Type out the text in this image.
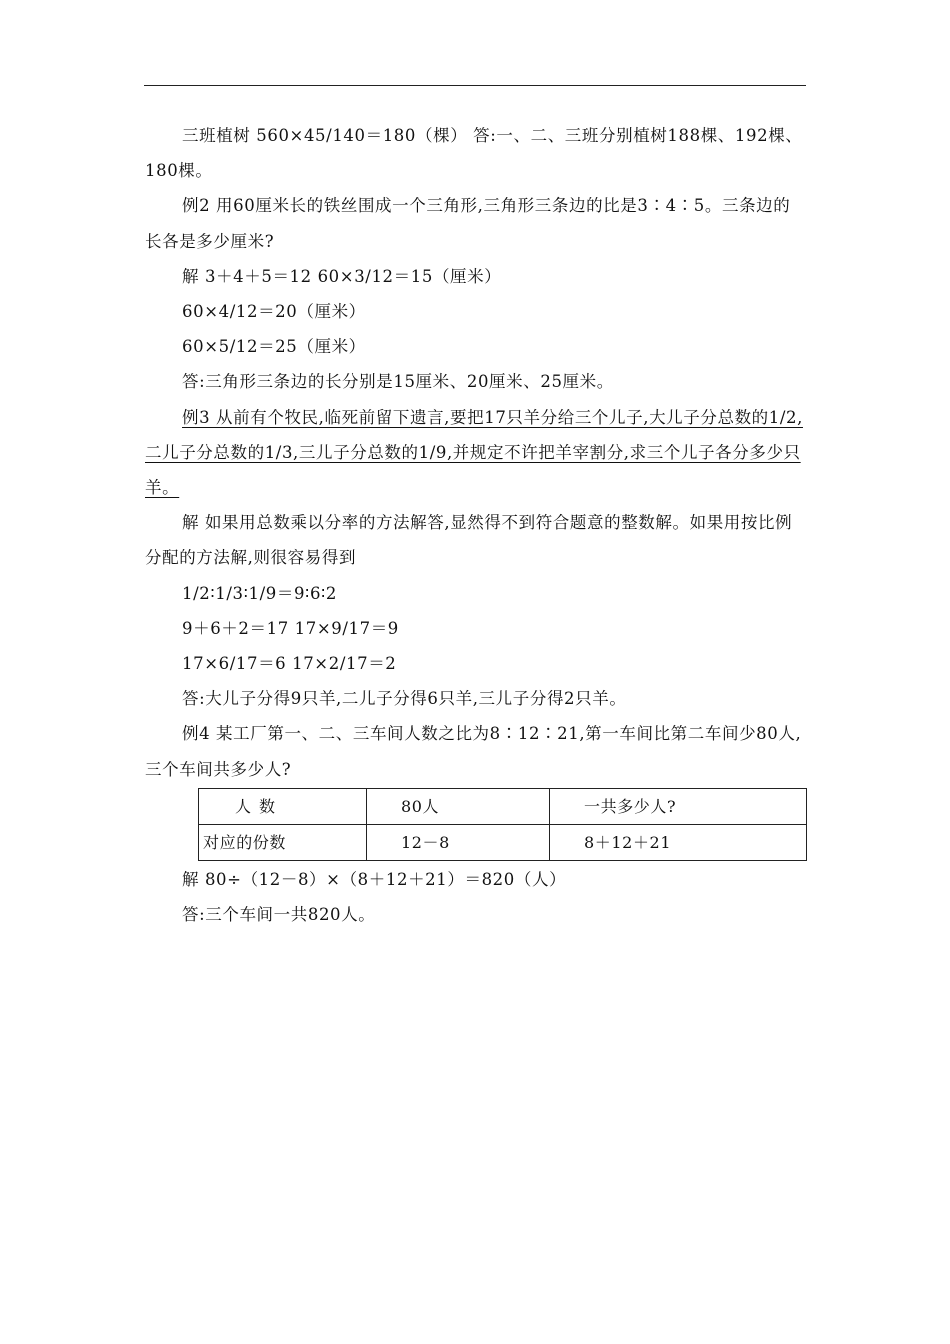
三班植树 560×45/140＝180（棵） 答:一、二、三班分别植树188棵、192棵、180棵。

例2 用60厘米长的铁丝围成一个三角形,三角形三条边的比是3∶4∶5。三条边的长各是多少厘米?

解 3＋4＋5＝12 60×3/12＝15（厘米）

60×4/12＝20（厘米）

60×5/12＝25（厘米）

答:三角形三条边的长分别是15厘米、20厘米、25厘米。

例3 从前有个牧民,临死前留下遗言,要把17只羊分给三个儿子,大儿子分总数的1/2,二儿子分总数的1/3,三儿子分总数的1/9,并规定不许把羊宰割分,求三个儿子各分多少只羊。

解 如果用总数乘以分率的方法解答,显然得不到符合题意的整数解。如果用按比例分配的方法解,则很容易得到

1/2∶1/3∶1/9＝9∶6∶2

9＋6＋2＝17 17×9/17＝9

17×6/17＝6 17×2/17＝2

答:大儿子分得9只羊,二儿子分得6只羊,三儿子分得2只羊。

例4 某工厂第一、二、三车间人数之比为8∶12∶21,第一车间比第二车间少80人,三个车间共多少人?

人数	80人	一共多少人?
对应的份数	12－8	8＋12＋21

解 80÷（12－8）×（8＋12＋21）＝820（人）

答:三个车间一共820人。
